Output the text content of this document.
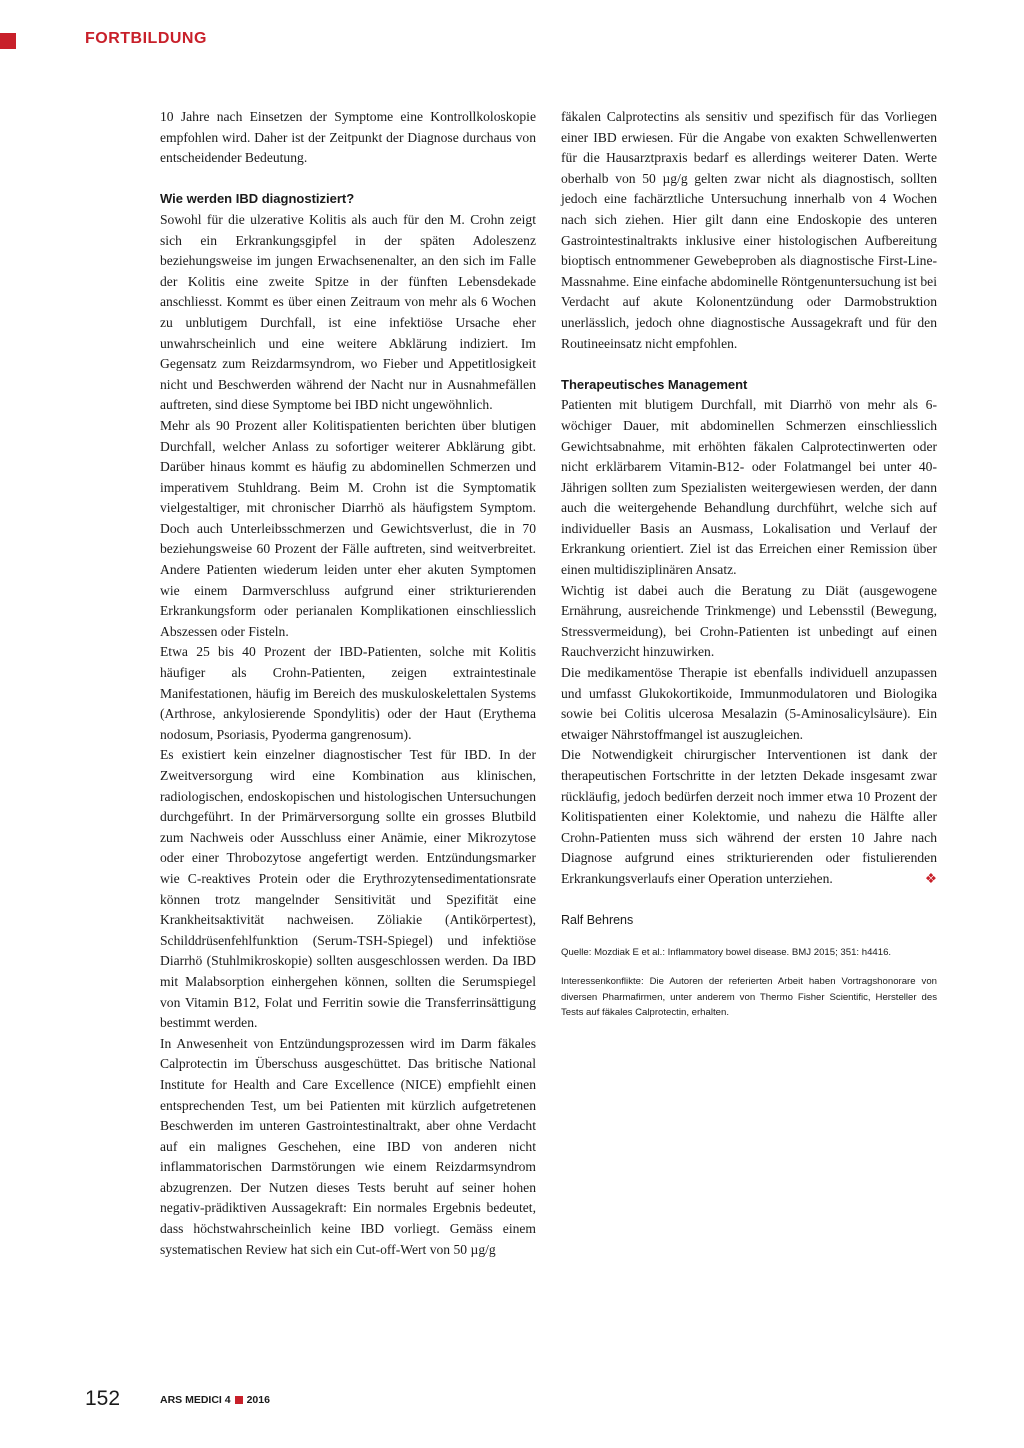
FORTBILDUNG

10 Jahre nach Einsetzen der Symptome eine Kontrollkoloskopie empfohlen wird. Daher ist der Zeitpunkt der Diagnose durchaus von entscheidender Bedeutung.

Wie werden IBD diagnostiziert?

Sowohl für die ulzerative Kolitis als auch für den M. Crohn zeigt sich ein Erkrankungsgipfel in der späten Adoleszenz beziehungsweise im jungen Erwachsenenalter, an den sich im Falle der Kolitis eine zweite Spitze in der fünften Lebensdekade anschliesst. Kommt es über einen Zeitraum von mehr als 6 Wochen zu unblutigem Durchfall, ist eine infektiöse Ursache eher unwahrscheinlich und eine weitere Abklärung indiziert. Im Gegensatz zum Reizdarmsyndrom, wo Fieber und Appetitlosigkeit nicht und Beschwerden während der Nacht nur in Ausnahmefällen auftreten, sind diese Symptome bei IBD nicht ungewöhnlich.

Mehr als 90 Prozent aller Kolitispatienten berichten über blutigen Durchfall, welcher Anlass zu sofortiger weiterer Abklärung gibt. Darüber hinaus kommt es häufig zu abdominellen Schmerzen und imperativem Stuhldrang. Beim M. Crohn ist die Symptomatik vielgestaltiger, mit chronischer Diarrhö als häufigstem Symptom. Doch auch Unterleibsschmerzen und Gewichtsverlust, die in 70 beziehungsweise 60 Prozent der Fälle auftreten, sind weitverbreitet. Andere Patienten wiederum leiden unter eher akuten Symptomen wie einem Darmverschluss aufgrund einer strikturierenden Erkrankungsform oder perianalen Komplikationen einschliesslich Abszessen oder Fisteln.

Etwa 25 bis 40 Prozent der IBD-Patienten, solche mit Kolitis häufiger als Crohn-Patienten, zeigen extraintestinale Manifestationen, häufig im Bereich des muskuloskelettalen Systems (Arthrose, ankylosierende Spondylitis) oder der Haut (Erythema nodosum, Psoriasis, Pyoderma gangrenosum).

Es existiert kein einzelner diagnostischer Test für IBD. In der Zweitversorgung wird eine Kombination aus klinischen, radiologischen, endoskopischen und histologischen Untersuchungen durchgeführt. In der Primärversorgung sollte ein grosses Blutbild zum Nachweis oder Ausschluss einer Anämie, einer Mikrozytose oder einer Throbozytose angefertigt werden. Entzündungsmarker wie C-reaktives Protein oder die Erythrozytensedimentationsrate können trotz mangelnder Sensitivität und Spezifität eine Krankheitsaktivität nachweisen. Zöliakie (Antikörpertest), Schilddrüsenfehlfunktion (Serum-TSH-Spiegel) und infektiöse Diarrhö (Stuhlmikroskopie) sollten ausgeschlossen werden. Da IBD mit Malabsorption einhergehen können, sollten die Serumspiegel von Vitamin B12, Folat und Ferritin sowie die Transferrinsättigung bestimmt werden.

In Anwesenheit von Entzündungsprozessen wird im Darm fäkales Calprotectin im Überschuss ausgeschüttet. Das britische National Institute for Health and Care Excellence (NICE) empfiehlt einen entsprechenden Test, um bei Patienten mit kürzlich aufgetretenen Beschwerden im unteren Gastrointestinaltrakt, aber ohne Verdacht auf ein malignes Geschehen, eine IBD von anderen nicht inflammatorischen Darmstörungen wie einem Reizdarmsyndrom abzugrenzen. Der Nutzen dieses Tests beruht auf seiner hohen negativ-prädiktiven Aussagekraft: Ein normales Ergebnis bedeutet, dass höchstwahrscheinlich keine IBD vorliegt. Gemäss einem systematischen Review hat sich ein Cut-off-Wert von 50 µg/g

fäkalen Calprotectins als sensitiv und spezifisch für das Vorliegen einer IBD erwiesen. Für die Angabe von exakten Schwellenwerten für die Hausarztpraxis bedarf es allerdings weiterer Daten. Werte oberhalb von 50 µg/g gelten zwar nicht als diagnostisch, sollten jedoch eine fachärztliche Untersuchung innerhalb von 4 Wochen nach sich ziehen. Hier gilt dann eine Endoskopie des unteren Gastrointestinaltrakts inklusive einer histologischen Aufbereitung bioptisch entnommener Gewebeproben als diagnostische First-Line-Massnahme. Eine einfache abdominelle Röntgenuntersuchung ist bei Verdacht auf akute Kolonentzündung oder Darmobstruktion unerlässlich, jedoch ohne diagnostische Aussagekraft und für den Routineeinsatz nicht empfohlen.

Therapeutisches Management

Patienten mit blutigem Durchfall, mit Diarrhö von mehr als 6-wöchiger Dauer, mit abdominellen Schmerzen einschliesslich Gewichtsabnahme, mit erhöhten fäkalen Calprotectinwerten oder nicht erklärbarem Vitamin-B12- oder Folatmangel bei unter 40-Jährigen sollten zum Spezialisten weitergewiesen werden, der dann auch die weitergehende Behandlung durchführt, welche sich auf individueller Basis an Ausmass, Lokalisation und Verlauf der Erkrankung orientiert. Ziel ist das Erreichen einer Remission über einen multidisziplinären Ansatz.

Wichtig ist dabei auch die Beratung zu Diät (ausgewogene Ernährung, ausreichende Trinkmenge) und Lebensstil (Bewegung, Stressvermeidung), bei Crohn-Patienten ist unbedingt auf einen Rauchverzicht hinzuwirken.

Die medikamentöse Therapie ist ebenfalls individuell anzupassen und umfasst Glukokortikoide, Immunmodulatoren und Biologika sowie bei Colitis ulcerosa Mesalazin (5-Aminosalicylsäure). Ein etwaiger Nährstoffmangel ist auszugleichen.

Die Notwendigkeit chirurgischer Interventionen ist dank der therapeutischen Fortschritte in der letzten Dekade insgesamt zwar rückläufig, jedoch bedürfen derzeit noch immer etwa 10 Prozent der Kolitispatienten einer Kolektomie, und nahezu die Hälfte aller Crohn-Patienten muss sich während der ersten 10 Jahre nach Diagnose aufgrund eines strikturierenden oder fistulierenden Erkrankungsverlaufs einer Operation unterziehen.	❖

Ralf Behrens

Quelle: Mozdiak E et al.: Inflammatory bowel disease. BMJ 2015; 351: h4416.

Interessenkonflikte: Die Autoren der referierten Arbeit haben Vortragshonorare von diversen Pharmafirmen, unter anderem von Thermo Fisher Scientific, Hersteller des Tests auf fäkales Calprotectin, erhalten.

152	ARS MEDICI 4 2016
